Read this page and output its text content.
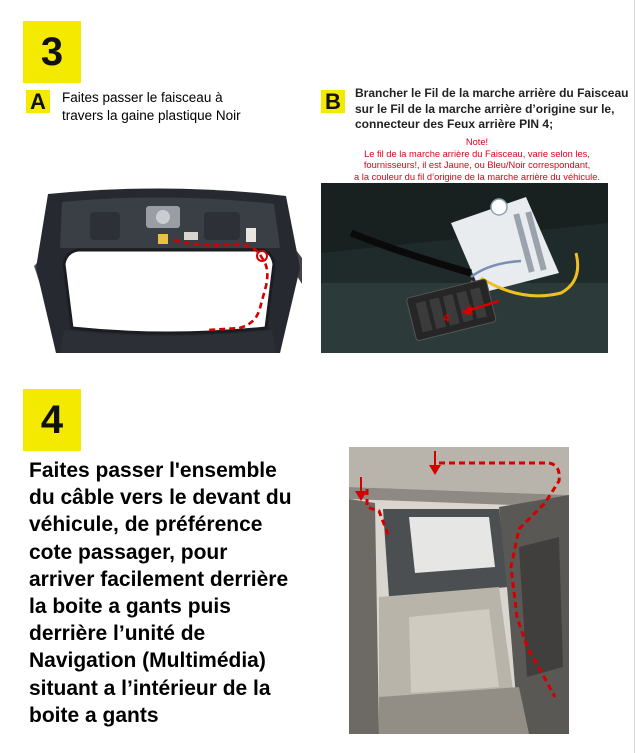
3
A Faites passer le faisceau à
travers la gaine plastique Noir
B Brancher le Fil de la marche arrière du Faisceau
sur le Fil de la marche arrière d’origine sur le,
connecteur des Feux arrière PIN 4;
Note!
Le fil de la marche arrière du Faisceau, varie selon les,
fournisseurs!, il est Jaune, ou Bleu/Noir correspondant,
a la couleur du fil d’origine de la marche arrière du véhicule.
4
4
Faites passer l'ensemble
du câble vers le devant du
véhicule, de préférence
cote passager, pour
arriver facilement derrière
la boite a gants puis
derrière l’unité de
Navigation (Multimédia)
situant a l’intérieur de la
boite a gants
